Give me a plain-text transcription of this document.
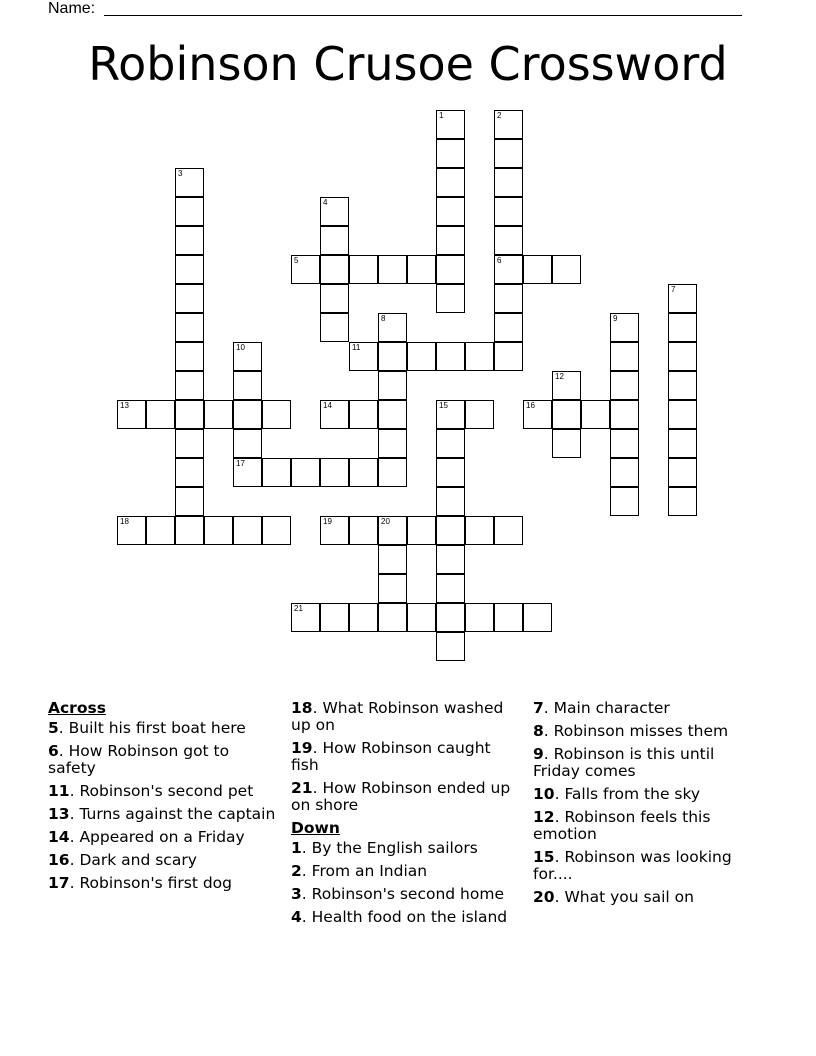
Name:
Robinson Crusoe Crossword
1	2
6
3
4
5
7
8	9
10	11
12
13	14	15	16
17
18	19	20
21
Across
5. Built his first boat here
6. How Robinson got to safety
11. Robinson's second pet
13. Turns against the captain
14. Appeared on a Friday
16. Dark and scary
17. Robinson's first dog
18. What Robinson washed up on
19. How Robinson caught fish
21. How Robinson ended up on shore
Down
1. By the English sailors
2. From an Indian
3. Robinson's second home
4. Health food on the island
7. Main character
8. Robinson misses them
9. Robinson is this until Friday comes
10. Falls from the sky
12. Robinson feels this emotion
15. Robinson was looking for....
20. What you sail on
